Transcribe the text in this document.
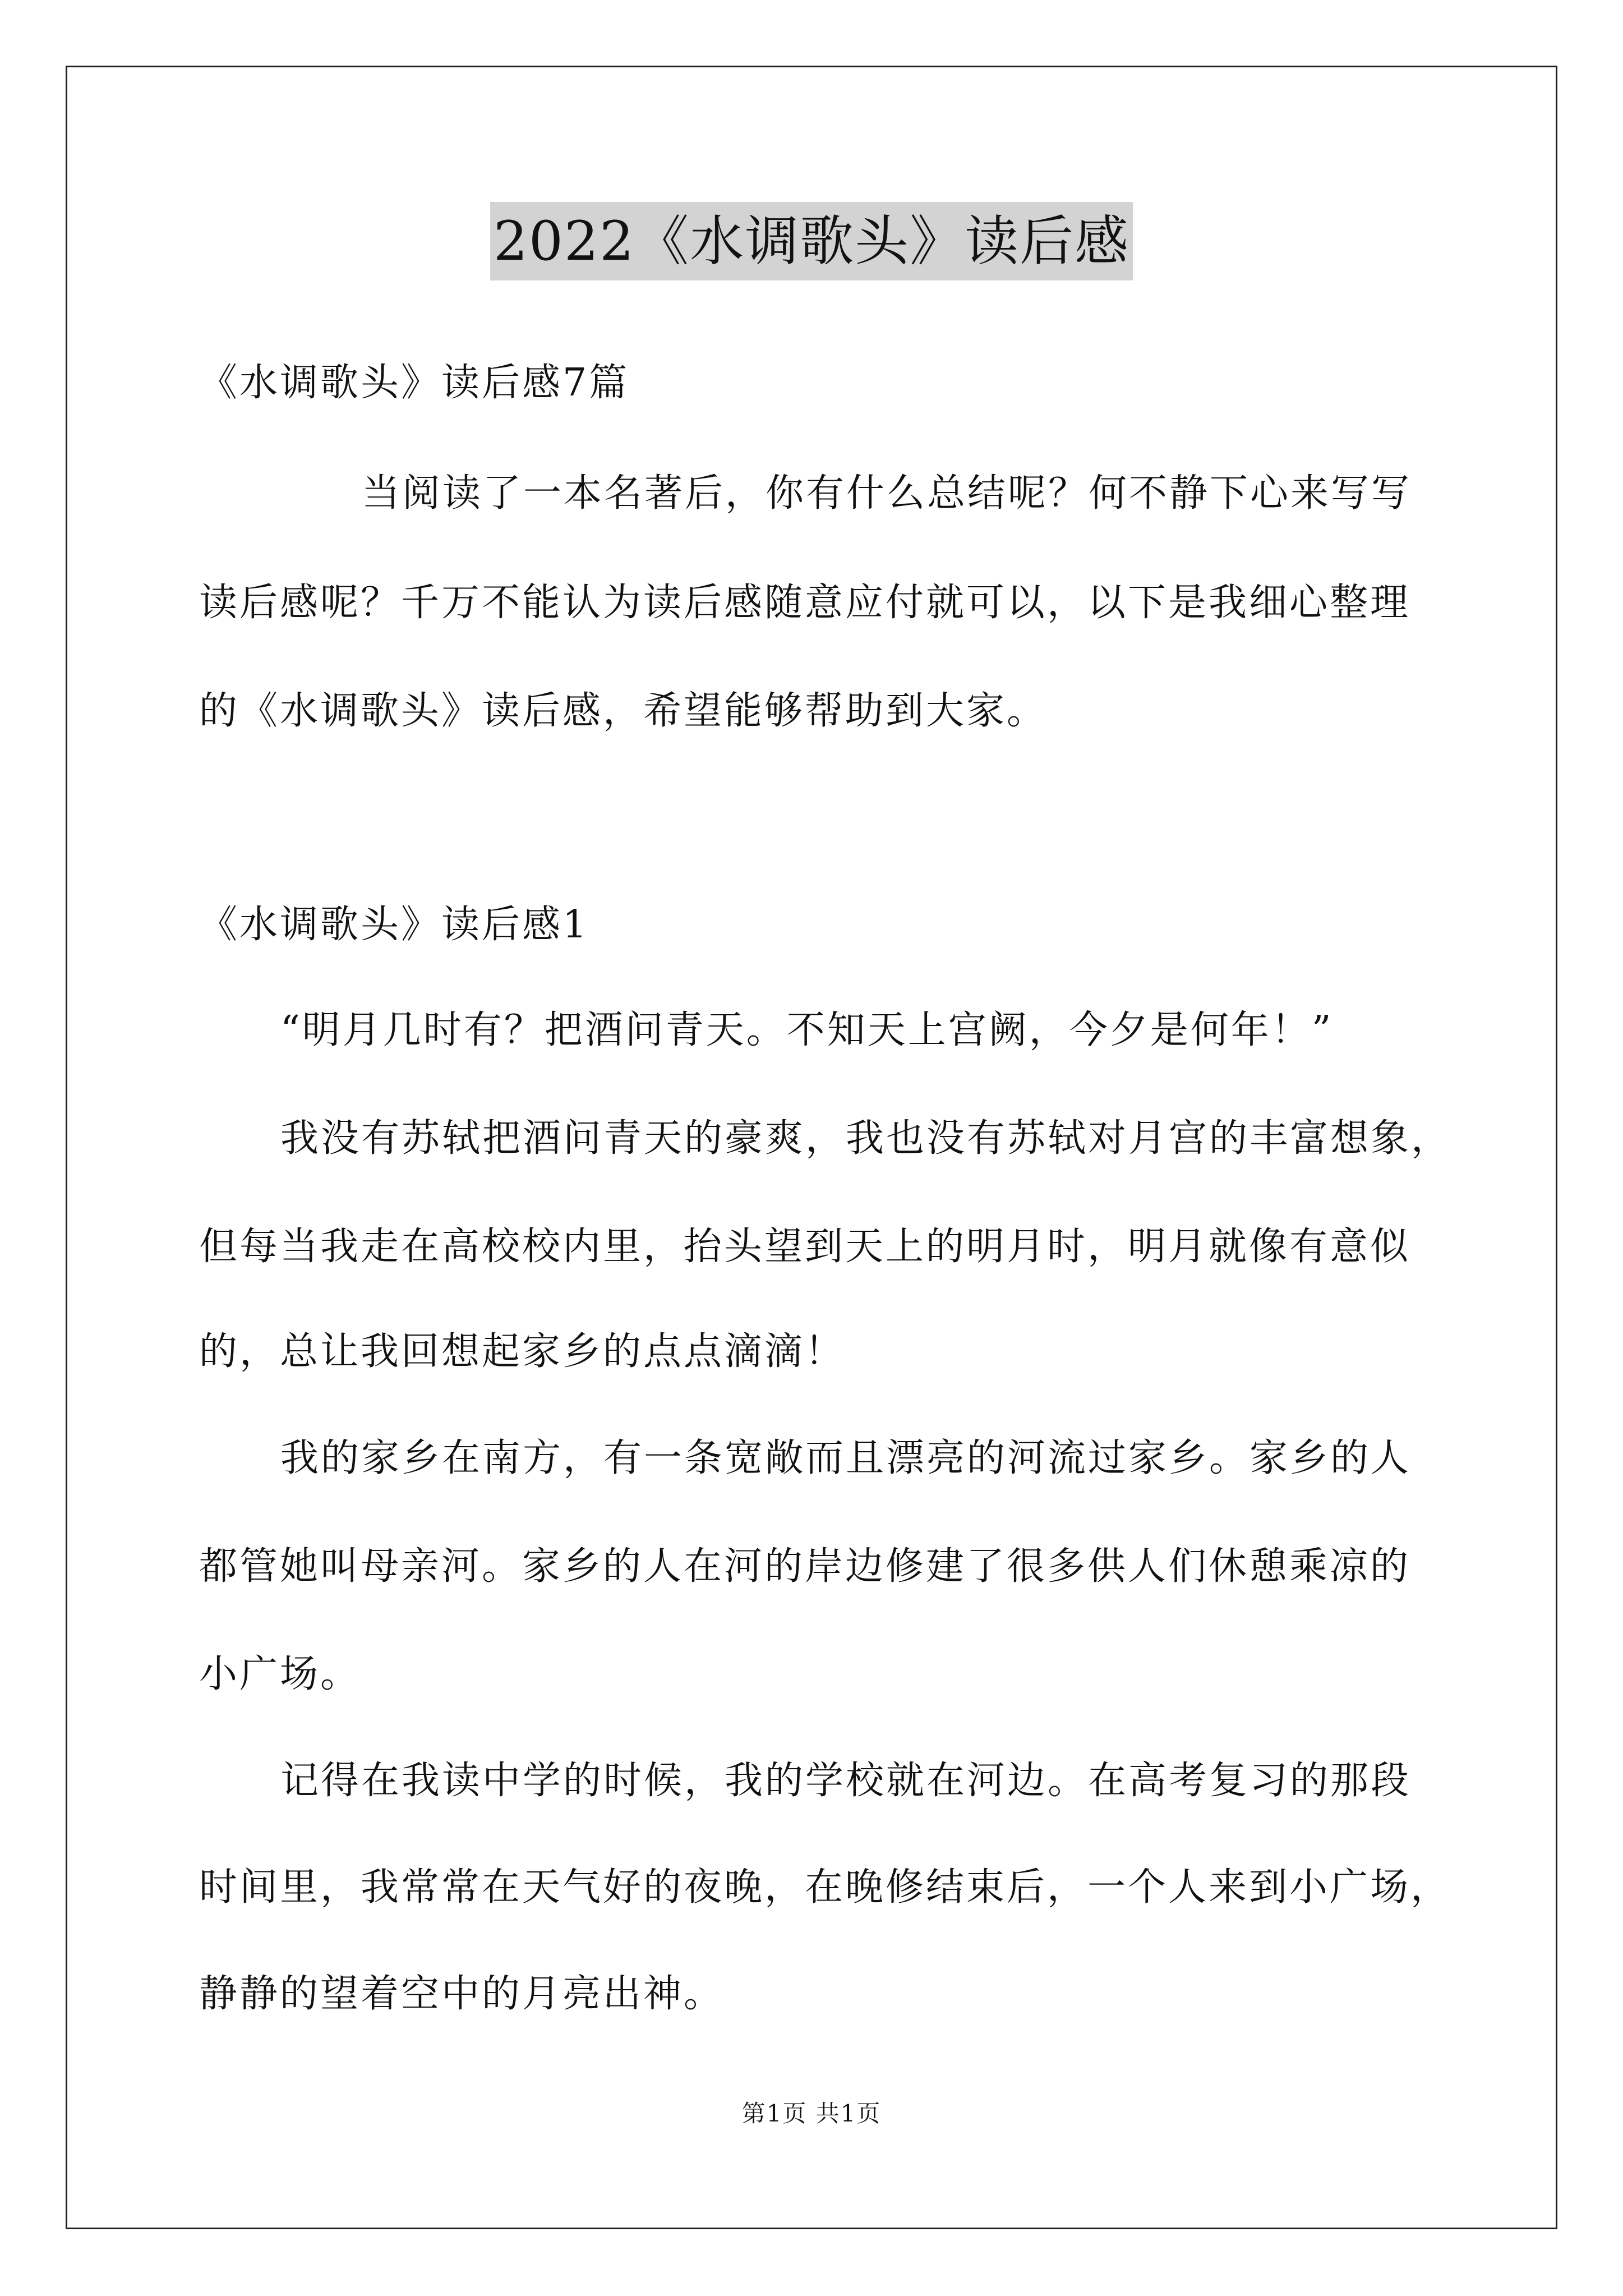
2022《水调歌头》读后感
《水调歌头》读后感7篇
当阅读了一本名著后，你有什么总结呢？何不静下心来写写
读后感呢？千万不能认为读后感随意应付就可以，以下是我细心整理
的《水调歌头》读后感，希望能够帮助到大家。
《水调歌头》读后感1
“明月几时有？把酒问青天。不知天上宫阙，今夕是何年！”
我没有苏轼把酒问青天的豪爽，我也没有苏轼对月宫的丰富想象，
但每当我走在高校校内里，抬头望到天上的明月时，明月就像有意似
的，总让我回想起家乡的点点滴滴！
我的家乡在南方，有一条宽敞而且漂亮的河流过家乡。家乡的人
都管她叫母亲河。家乡的人在河的岸边修建了很多供人们休憩乘凉的
小广场。
记得在我读中学的时候，我的学校就在河边。在高考复习的那段
时间里，我常常在天气好的夜晚，在晚修结束后，一个人来到小广场，
静静的望着空中的月亮出神。
第1页 共1页
